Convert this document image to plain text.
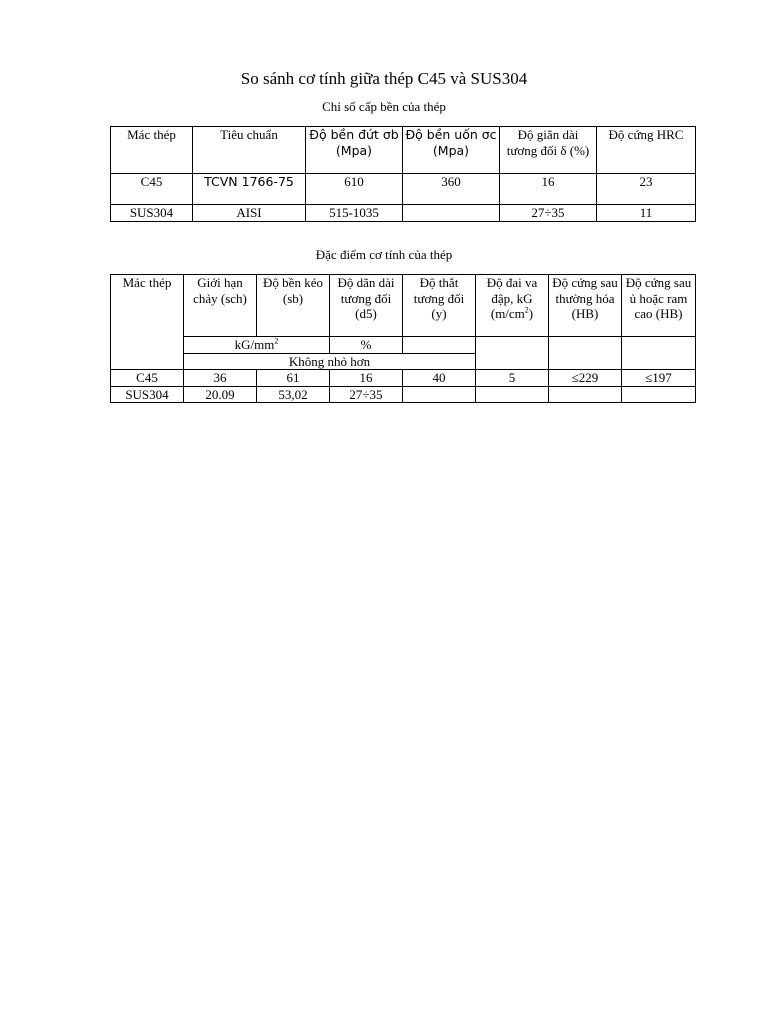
So sánh cơ tính giữa thép C45 và SUS304
Chỉ số cấp bền của thép
Mác thép	Tiêu chuẩn	Độ bền đứt σb (Mpa)	Độ bền uốn σc (Mpa)	Độ giãn dài tương đối δ (%)	Độ cứng HRC
C45	TCVN 1766-75	610	360	16	23
SUS304	AISI	515-1035		27÷35	11
Đặc điểm cơ tính của thép
Mác thép	Giới hạn chảy (sch)	Độ bền kéo (sb)	Độ dãn dài tương đối (d5)	Độ thắt tương đối (y)	Độ đai va đập, kG $(m/cm^2)$	Độ cứng sau thường hóa (HB)	Độ cứng sau ủ hoặc ram cao (HB)
	$kG/mm^2$		%				
	Không nhỏ hơn						
C45	36	61	16	40	5	≤229	≤197
SUS304	20.09	53,02	27÷35				
